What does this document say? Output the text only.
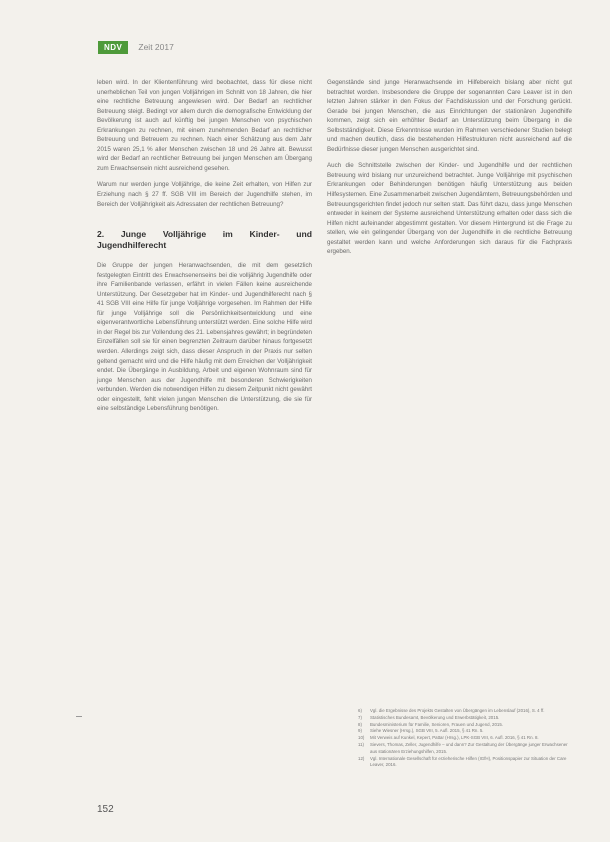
NDV	Zeit 2017

leben wird. In der Klientenführung wird beobachtet, dass für diese nicht unerheblichen Teil von jungen Volljährigen im Schnitt von 18 Jahren, die hier eine rechtliche Betreuung angewiesen wird. Der Bedarf an rechtlicher Betreuung steigt. Bedingt vor allem durch die demografische Entwicklung der Bevölkerung ist auch auf künftig bei jungen Menschen von psychischen Erkrankungen zu rechnen, mit einem zunehmenden Bedarf an rechtlicher Betreuung und Betreuern zu rechnen. Nach einer Schätzung aus dem Jahr 2015 waren 25,1 % aller Menschen zwischen 18 und 26 Jahre alt. Bewusst wird der Bedarf an rechtlicher Betreuung bei jungen Menschen am Übergang zum Erwachsensein nicht ausreichend gesehen.

Warum nur werden junge Volljährige, die keine Zeit erhalten, von Hilfen zur Erziehung nach § 27 ff. SGB VIII im Bereich der Jugendhilfe stehen, im Bereich der Volljährigkeit als Adressaten der rechtlichen Betreuung?

2. Junge Volljährige im Kinder- und Jugendhilferecht

Die Gruppe der jungen Heranwachsenden, die mit dem gesetzlich festgelegten Eintritt des Erwachsenenseins bei die volljährig Jugendhilfe oder ihre Familienbande verlassen, erfährt in vielen Fällen keine ausreichende Unterstützung. Der Gesetzgeber hat im Kinder- und Jugendhilferecht nach § 41 SGB VIII eine Hilfe für junge Volljährige vorgesehen. Im Rahmen der Hilfe für junge Volljährige soll die Persönlichkeitsentwicklung und eine eigenverantwortliche Lebensführung unterstützt werden. Eine solche Hilfe wird in der Regel bis zur Vollendung des 21. Lebensjahres gewährt; in begründeten Einzelfällen soll sie für einen begrenzten Zeitraum darüber hinaus fortgesetzt werden. Allerdings zeigt sich, dass dieser Anspruch in der Praxis nur selten geltend gemacht wird und die Hilfe häufig mit dem Erreichen der Volljährigkeit endet. Die Übergänge in Ausbildung, Arbeit und eigenen Wohnraum sind für junge Menschen aus der Jugendhilfe mit besonderen Schwierigkeiten verbunden. Werden die notwendigen Hilfen zu diesem Zeitpunkt nicht gewährt oder eingestellt, fehlt vielen jungen Menschen die Unterstützung, die sie für eine selbständige Lebensführung benötigen.

Gegenstände sind junge Heranwachsende im Hilfebereich bislang aber nicht gut betrachtet worden. Insbesondere die Gruppe der sogenannten Care Leaver ist in den letzten Jahren stärker in den Fokus der Fachdiskussion und der Forschung gerückt. Gerade bei jungen Menschen, die aus Einrichtungen der stationären Jugendhilfe kommen, zeigt sich ein erhöhter Bedarf an Unterstützung beim Übergang in die Selbstständigkeit. Diese Erkenntnisse wurden im Rahmen verschiedener Studien belegt und machen deutlich, dass die bestehenden Hilfestrukturen nicht ausreichend auf die Bedürfnisse dieser jungen Menschen ausgerichtet sind.

Auch die Schnittstelle zwischen der Kinder- und Jugendhilfe und der rechtlichen Betreuung wird bislang nur unzureichend betrachtet. Junge Volljährige mit psychischen Erkrankungen oder Behinderungen benötigen häufig Unterstützung aus beiden Hilfesystemen. Eine Zusammenarbeit zwischen Jugendämtern, Betreuungsbehörden und Betreuungsgerichten findet jedoch nur selten statt. Das führt dazu, dass junge Menschen entweder in keinem der Systeme ausreichend Unterstützung erhalten oder dass sich die Hilfen nicht aufeinander abgestimmt gestalten. Vor diesem Hintergrund ist die Frage zu stellen, wie ein gelingender Übergang von der Jugendhilfe in die rechtliche Betreuung gestaltet werden kann und welche Anforderungen sich daraus für die Fachpraxis ergeben.

6)	Vgl. die Ergebnisse des Projekts Gestalten von Übergängen im Lebenslauf (2016), S. 4 ff.
7)	Statistisches Bundesamt, Bevölkerung und Erwerbstätigkeit, 2015.
8)	Bundesministerium für Familie, Senioren, Frauen und Jugend, 2015.
9)	Siehe Wiesner (Hrsg.), SGB VIII, 5. Aufl. 2015, § 41 Rn. 5.
10)	Mit Verweis auf Kunkel, Kepert, Pattar (Hrsg.), LPK-SGB VIII, 6. Aufl. 2016, § 41 Rn. 8.
11)	Sievers, Thomas, Zeller, Jugendhilfe – und dann? Zur Gestaltung der Übergänge junger Erwachsener aus stationären Erziehungshilfen, 2015.
12)	Vgl. Internationale Gesellschaft für erzieherische Hilfen (IGfH), Positionspapier zur Situation der Care Leaver, 2016.
152
